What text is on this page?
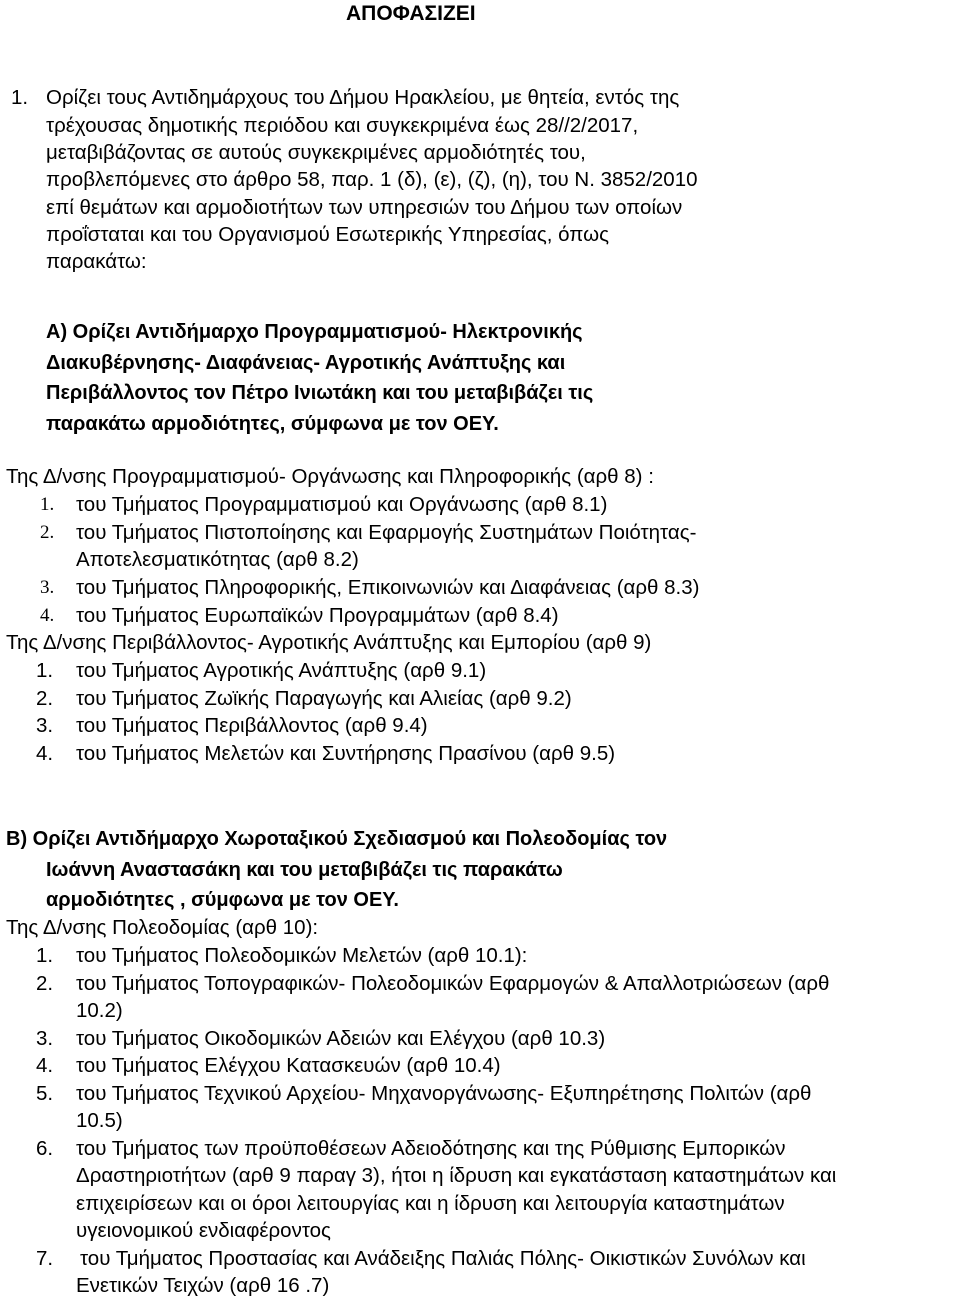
ΑΠΟΦΑΣΙΖΕΙ
1. Ορίζει τους Αντιδημάρχους του Δήμου Ηρακλείου, με θητεία, εντός της
τρέχουσας δημοτικής περιόδου και συγκεκριμένα έως 28//2/2017,
μεταβιβάζοντας σε αυτούς συγκεκριμένες αρμοδιότητές του,
προβλεπόμενες στο άρθρο 58, παρ. 1 (δ), (ε), (ζ), (η), του Ν. 3852/2010
επί θεμάτων και αρμοδιοτήτων των υπηρεσιών του Δήμου των οποίων
προΐσταται και του Οργανισμού Εσωτερικής Υπηρεσίας, όπως
παρακάτω:
Α) Ορίζει Αντιδήμαρχο Προγραμματισμού- Ηλεκτρονικής
Διακυβέρνησης- Διαφάνειας- Αγροτικής Ανάπτυξης και
Περιβάλλοντος τον Πέτρο Ινιωτάκη και του μεταβιβάζει τις
παρακάτω αρμοδιότητες, σύμφωνα με τον ΟΕΥ.
Της Δ/νσης Προγραμματισμού- Οργάνωσης και Πληροφορικής (αρθ 8) :
1. του Τμήματος Προγραμματισμού και Οργάνωσης (αρθ 8.1)
2. του Τμήματος Πιστοποίησης και Εφαρμογής Συστημάτων Ποιότητας-
Αποτελεσματικότητας (αρθ 8.2)
3. του Τμήματος Πληροφορικής, Επικοινωνιών και Διαφάνειας (αρθ 8.3)
4. του Τμήματος Ευρωπαϊκών Προγραμμάτων (αρθ 8.4)
Της Δ/νσης Περιβάλλοντος- Αγροτικής Ανάπτυξης και Εμπορίου (αρθ 9)
1. του Τμήματος Αγροτικής Ανάπτυξης (αρθ 9.1)
2. του Τμήματος Ζωϊκής Παραγωγής και Αλιείας (αρθ 9.2)
3. του Τμήματος Περιβάλλοντος (αρθ 9.4)
4. του Τμήματος Μελετών και Συντήρησης Πρασίνου (αρθ 9.5)
Β) Ορίζει Αντιδήμαρχο Χωροταξικού Σχεδιασμού και Πολεοδομίας τον
Ιωάννη Αναστασάκη και του μεταβιβάζει τις παρακάτω
αρμοδιότητες , σύμφωνα με τον ΟΕΥ.
Της Δ/νσης Πολεοδομίας (αρθ 10):
1. του Τμήματος Πολεοδομικών Μελετών (αρθ 10.1):
2. του Τμήματος Τοπογραφικών- Πολεοδομικών Εφαρμογών & Απαλλοτριώσεων (αρθ
10.2)
3. του Τμήματος Οικοδομικών Αδειών και Ελέγχου (αρθ 10.3)
4. του Τμήματος Ελέγχου Κατασκευών (αρθ 10.4)
5. του Τμήματος Τεχνικού Αρχείου- Μηχανοργάνωσης- Εξυπηρέτησης Πολιτών (αρθ
10.5)
6. του Τμήματος των προϋποθέσεων Αδειοδότησης και της Ρύθμισης Εμπορικών
Δραστηριοτήτων (αρθ 9 παραγ 3), ήτοι η ίδρυση και εγκατάσταση καταστημάτων και
επιχειρίσεων και οι όροι λειτουργίας και η ίδρυση και λειτουργία καταστημάτων
υγειονομικού ενδιαφέροντος
7. του Τμήματος Προστασίας και Ανάδειξης Παλιάς Πόλης- Οικιστικών Συνόλων και
Ενετικών Τειχών (αρθ 16 .7)
